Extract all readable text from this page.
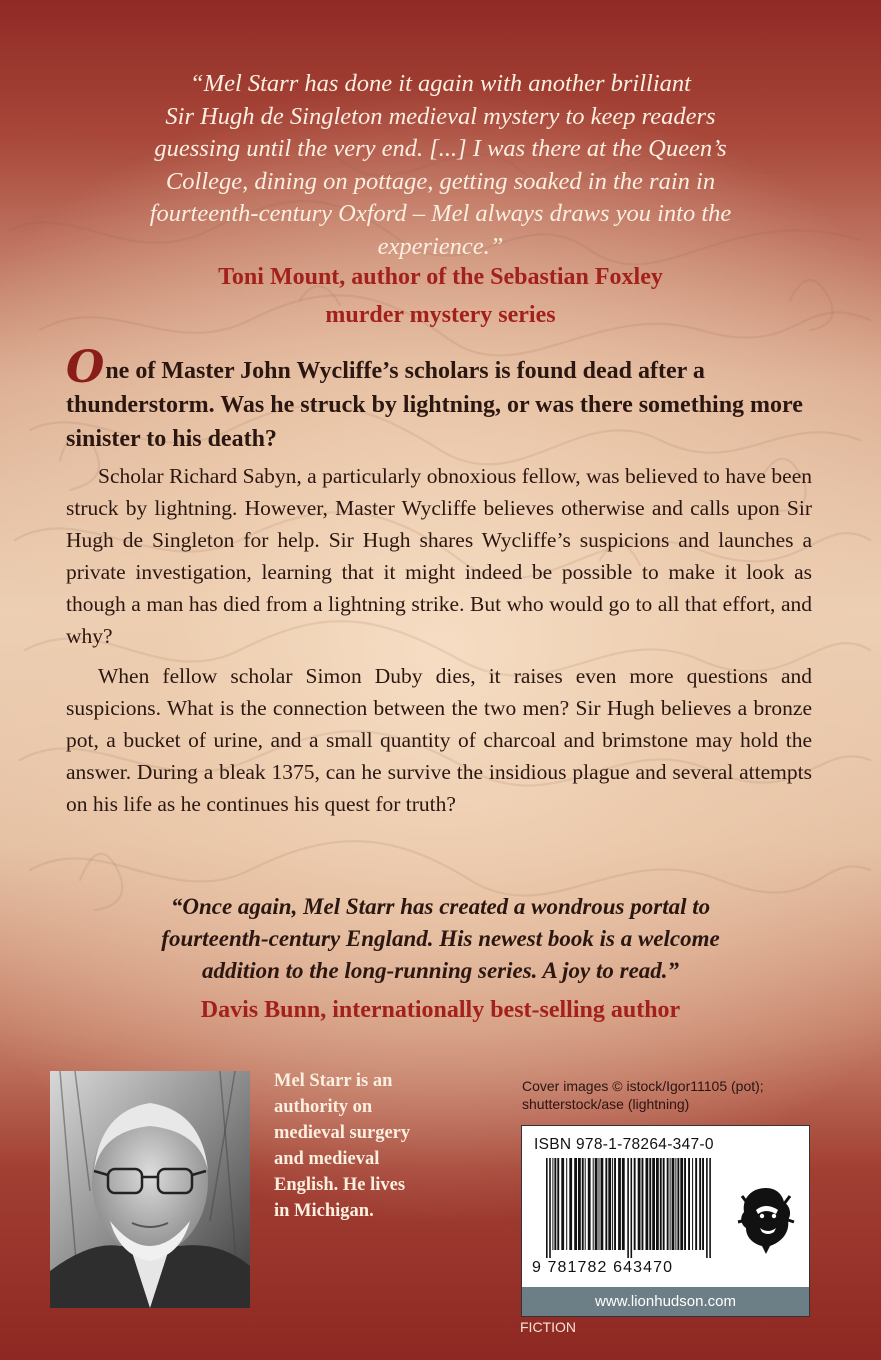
“Mel Starr has done it again with another brilliant
Sir Hugh de Singleton medieval mystery to keep readers
guessing until the very end. [...] I was there at the Queen’s
College, dining on pottage, getting soaked in the rain in
fourteenth-century Oxford – Mel always draws you into the
experience.”
Toni Mount, author of the Sebastian Foxley
murder mystery series

One of Master John Wycliffe’s scholars is found dead after a thunderstorm. Was he struck by lightning, or was there something more sinister to his death?

Scholar Richard Sabyn, a particularly obnoxious fellow, was believed to have been struck by lightning. However, Master Wycliffe believes otherwise and calls upon Sir Hugh de Singleton for help. Sir Hugh shares Wycliffe’s suspicions and launches a private investigation, learning that it might indeed be possible to make it look as though a man has died from a lightning strike. But who would go to all that effort, and why?

When fellow scholar Simon Duby dies, it raises even more questions and suspicions. What is the connection between the two men? Sir Hugh believes a bronze pot, a bucket of urine, and a small quantity of charcoal and brimstone may hold the answer. During a bleak 1375, can he survive the insidious plague and several attempts on his life as he continues his quest for truth?

“Once again, Mel Starr has created a wondrous portal to
fourteenth-century England. His newest book is a welcome
addition to the long-running series. A joy to read.”
Davis Bunn, internationally best-selling author
Mel Starr is an
authority on
medieval surgery
and medieval
English. He lives
in Michigan.
Cover images © istock/Igor11105 (pot);
shutterstock/ase (lightning)
ISBN 978-1-78264-347-0
9 781782 643470
www.lionhudson.com
FICTION
